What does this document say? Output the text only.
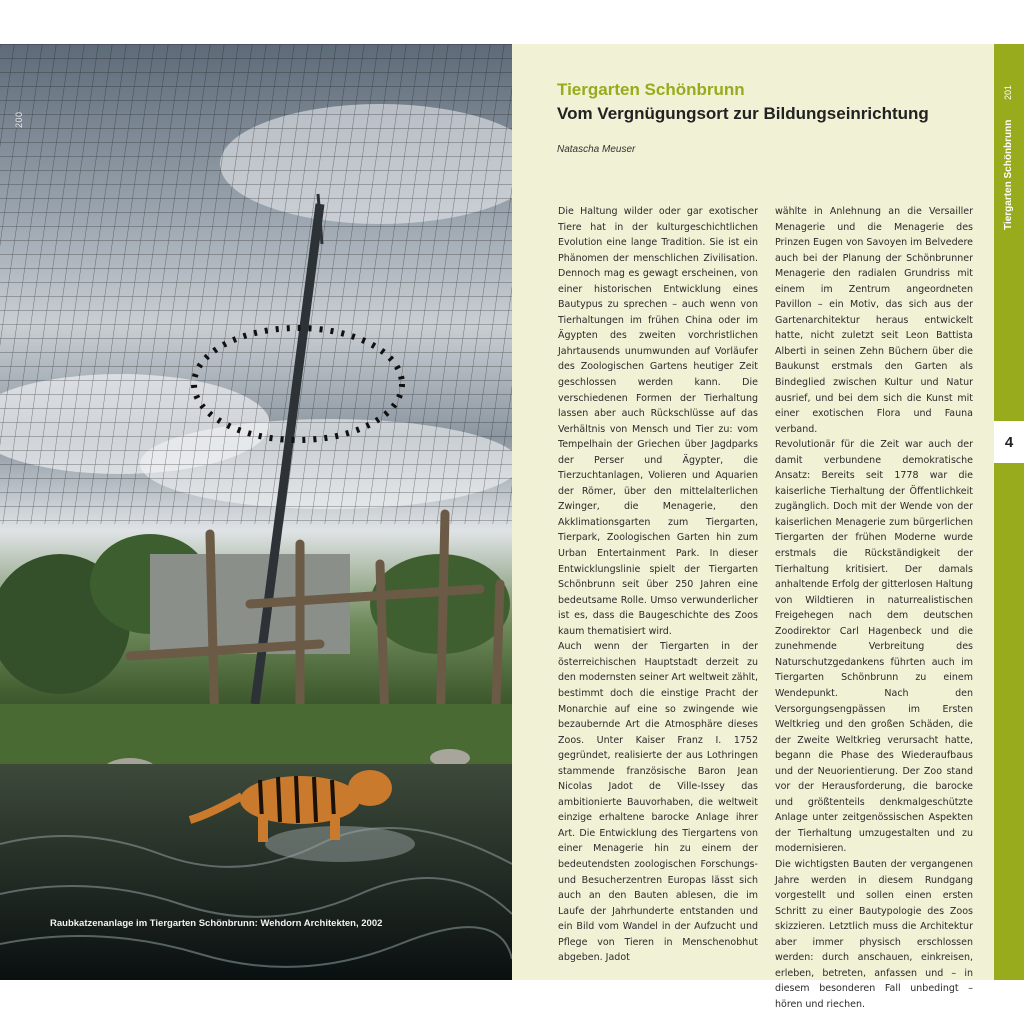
200
Raubkatzenanlage im Tiergarten Schönbrunn: Wehdorn Architekten, 2002
Tiergarten Schönbrunn
Vom Vergnügungsort zur Bildungseinrichtung
Natascha Meuser

Die Haltung wilder oder gar exotischer Tiere hat in der kulturgeschichtlichen Evolution eine lange Tradition. Sie ist ein Phänomen der menschlichen Zivilisation. Dennoch mag es gewagt erscheinen, von einer historischen Entwicklung eines Bautypus zu sprechen – auch wenn von Tierhaltungen im frühen China oder im Ägypten des zweiten vorchristlichen Jahrtausends unumwunden auf Vorläufer des Zoologischen Gartens heutiger Zeit geschlossen werden kann. Die verschiedenen Formen der Tierhaltung lassen aber auch Rückschlüsse auf das Verhältnis von Mensch und Tier zu: vom Tempelhain der Griechen über Jagdparks der Perser und Ägypter, die Tierzuchtanlagen, Volieren und Aquarien der Römer, über den mittelalterlichen Zwinger, die Menagerie, den Akklimationsgarten zum Tiergarten, Tierpark, Zoologischen Garten hin zum Urban Entertainment Park. In dieser Entwicklungslinie spielt der Tiergarten Schönbrunn seit über 250 Jahren eine bedeutsame Rolle. Umso verwunderlicher ist es, dass die Baugeschichte des Zoos kaum thematisiert wird.

Auch wenn der Tiergarten in der österreichischen Hauptstadt derzeit zu den modernsten seiner Art weltweit zählt, bestimmt doch die einstige Pracht der Monarchie auf eine so zwingende wie bezaubernde Art die Atmosphäre dieses Zoos. Unter Kaiser Franz I. 1752 gegründet, realisierte der aus Lothringen stammende französische Baron Jean Nicolas Jadot de Ville-Issey das ambitionierte Bauvorhaben, die weltweit einzige erhaltene barocke Anlage ihrer Art. Die Entwicklung des Tiergartens von einer Menagerie hin zu einem der bedeutendsten zoologischen Forschungs- und Besucherzentren Europas lässt sich auch an den Bauten ablesen, die im Laufe der Jahrhunderte entstanden und ein Bild vom Wandel in der Aufzucht und Pflege von Tieren in Menschenobhut abgeben. Jadot

wählte in Anlehnung an die Versailler Menagerie und die Menagerie des Prinzen Eugen von Savoyen im Belvedere auch bei der Planung der Schönbrunner Menagerie den radialen Grundriss mit einem im Zentrum angeordneten Pavillon – ein Motiv, das sich aus der Gartenarchitektur heraus entwickelt hatte, nicht zuletzt seit Leon Battista Alberti in seinen Zehn Büchern über die Baukunst erstmals den Garten als Bindeglied zwischen Kultur und Natur ausrief, und bei dem sich die Kunst mit einer exotischen Flora und Fauna verband.

Revolutionär für die Zeit war auch der damit verbundene demokratische Ansatz: Bereits seit 1778 war die kaiserliche Tierhaltung der Öffentlichkeit zugänglich. Doch mit der Wende von der kaiserlichen Menagerie zum bürgerlichen Tiergarten der frühen Moderne wurde erstmals die Rückständigkeit der Tierhaltung kritisiert. Der damals anhaltende Erfolg der gitterlosen Haltung von Wildtieren in naturrealistischen Freigehegen nach dem deutschen Zoodirektor Carl Hagenbeck und die zunehmende Verbreitung des Naturschutzgedankens führten auch im Tiergarten Schönbrunn zu einem Wendepunkt. Nach den Versorgungsengpässen im Ersten Weltkrieg und den großen Schäden, die der Zweite Weltkrieg verursacht hatte, begann die Phase des Wiederaufbaus und der Neuorientierung. Der Zoo stand vor der Herausforderung, die barocke und größtenteils denkmalgeschützte Anlage unter zeitgenössischen Aspekten der Tierhaltung umzugestalten und zu modernisieren.

Die wichtigsten Bauten der vergangenen Jahre werden in diesem Rundgang vorgestellt und sollen einen ersten Schritt zu einer Bautypologie des Zoos skizzieren. Letztlich muss die Architektur aber immer physisch erschlossen werden: durch anschauen, einkreisen, erleben, betreten, anfassen und – in diesem besonderen Fall unbedingt – hören und riechen.

201
Tiergarten Schönbrunn
4
